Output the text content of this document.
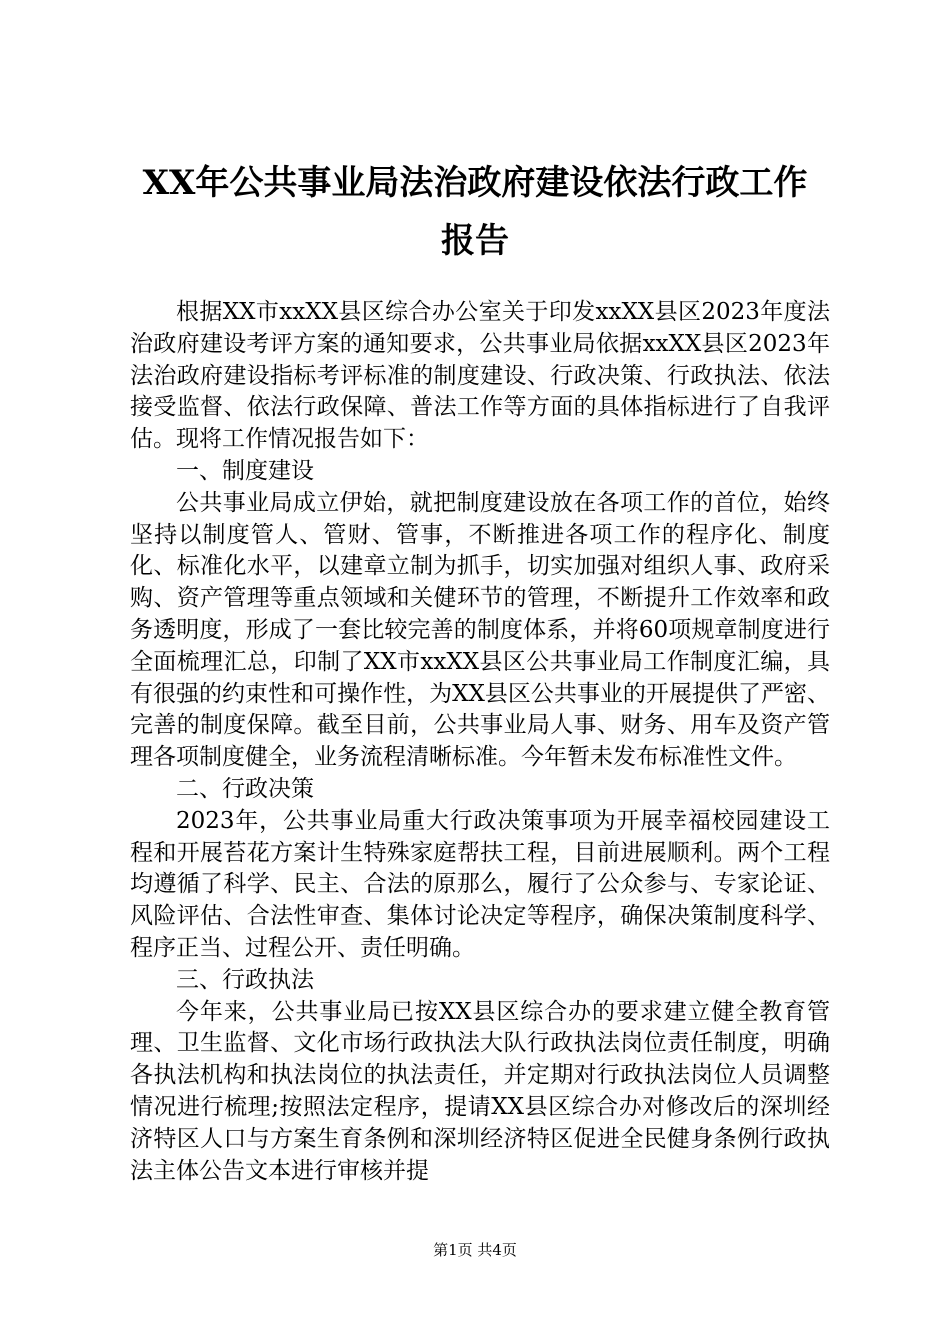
XX年公共事业局法治政府建设依法行政工作
报告

根据XX市xxXX县区综合办公室关于印发xxXX县区2023年度法治政府建设考评方案的通知要求，公共事业局依据xxXX县区2023年法治政府建设指标考评标准的制度建设、行政决策、行政执法、依法接受监督、依法行政保障、普法工作等方面的具体指标进行了自我评估。现将工作情况报告如下：

一、制度建设

公共事业局成立伊始，就把制度建设放在各项工作的首位，始终坚持以制度管人、管财、管事，不断推进各项工作的程序化、制度化、标准化水平，以建章立制为抓手，切实加强对组织人事、政府采购、资产管理等重点领域和关健环节的管理，不断提升工作效率和政务透明度，形成了一套比较完善的制度体系，并将60项规章制度进行全面梳理汇总，印制了XX市xxXX县区公共事业局工作制度汇编，具有很强的约束性和可操作性，为XX县区公共事业的开展提供了严密、完善的制度保障。截至目前，公共事业局人事、财务、用车及资产管理各项制度健全，业务流程清晰标准。今年暂未发布标准性文件。

二、行政决策

2023年，公共事业局重大行政决策事项为开展幸福校园建设工程和开展苔花方案计生特殊家庭帮扶工程，目前进展顺利。两个工程均遵循了科学、民主、合法的原那么，履行了公众参与、专家论证、风险评估、合法性审查、集体讨论决定等程序，确保决策制度科学、程序正当、过程公开、责任明确。

三、行政执法

今年来，公共事业局已按XX县区综合办的要求建立健全教育管理、卫生监督、文化市场行政执法大队行政执法岗位责任制度，明确各执法机构和执法岗位的执法责任，并定期对行政执法岗位人员调整情况进行梳理;按照法定程序，提请XX县区综合办对修改后的深圳经济特区人口与方案生育条例和深圳经济特区促进全民健身条例行政执法主体公告文本进行审核并提

第1页 共4页
